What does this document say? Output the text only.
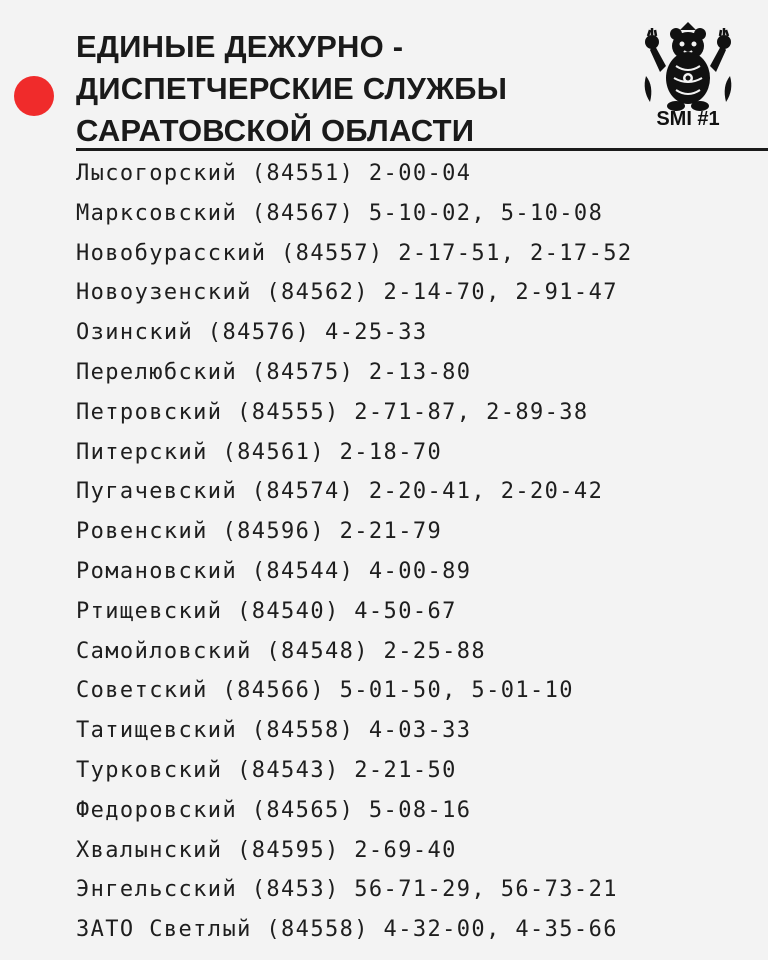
ЕДИНЫЕ ДЕЖУРНО -
ДИСПЕТЧЕРСКИЕ СЛУЖБЫ
САРАТОВСКОЙ ОБЛАСТИ	SMI #1
Лысогорский (84551) 2-00-04
Марксовский (84567) 5-10-02, 5-10-08
Новобурасский (84557) 2-17-51, 2-17-52
Новоузенский (84562) 2-14-70, 2-91-47
Озинский (84576) 4-25-33
Перелюбский (84575) 2-13-80
Петровский (84555) 2-71-87, 2-89-38
Питерский (84561) 2-18-70
Пугачевский (84574) 2-20-41, 2-20-42
Ровенский (84596) 2-21-79
Романовский (84544) 4-00-89
Ртищевский (84540) 4-50-67
Самойловский (84548) 2-25-88
Советский (84566) 5-01-50, 5-01-10
Татищевский (84558) 4-03-33
Турковский (84543) 2-21-50
Федоровский (84565) 5-08-16
Хвалынский (84595) 2-69-40
Энгельсский (8453) 56-71-29, 56-73-21
ЗАТО Светлый (84558) 4-32-00, 4-35-66
